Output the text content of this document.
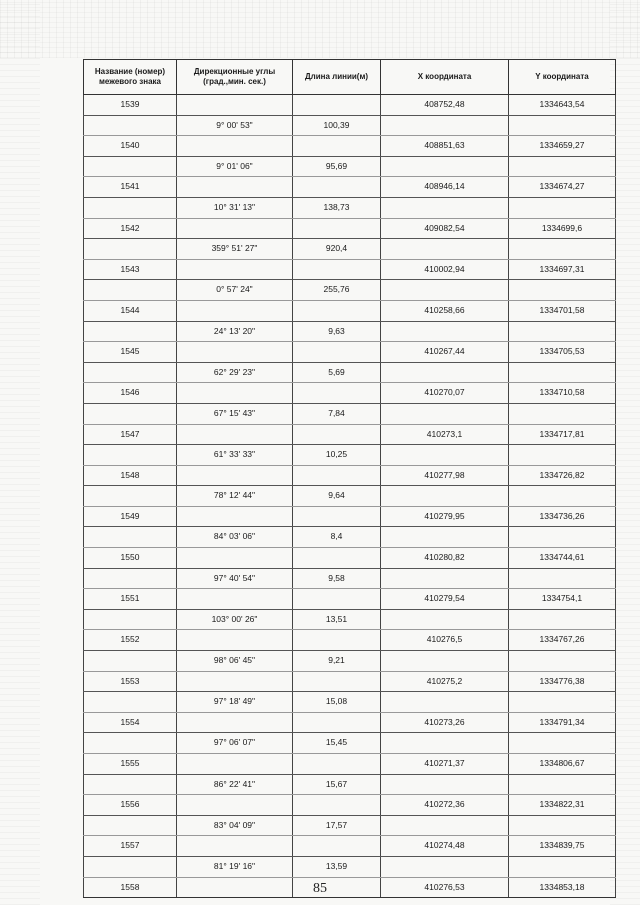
Название (номер) межевого знака	Дирекционные углы (град.,мин. сек.)	Длина линии(м)	X координата	Y координата
1539			408752,48	1334643,54
	9° 00' 53"	100,39		
1540			408851,63	1334659,27
	9° 01' 06"	95,69		
1541			408946,14	1334674,27
	10° 31' 13"	138,73		
1542			409082,54	1334699,6
	359° 51' 27"	920,4		
1543			410002,94	1334697,31
	0° 57' 24"	255,76		
1544			410258,66	1334701,58
	24° 13' 20"	9,63		
1545			410267,44	1334705,53
	62° 29' 23"	5,69		
1546			410270,07	1334710,58
	67° 15' 43"	7,84		
1547			410273,1	1334717,81
	61° 33' 33"	10,25		
1548			410277,98	1334726,82
	78° 12' 44"	9,64		
1549			410279,95	1334736,26
	84° 03' 06"	8,4		
1550			410280,82	1334744,61
	97° 40' 54"	9,58		
1551			410279,54	1334754,1
	103° 00' 26"	13,51		
1552			410276,5	1334767,26
	98° 06' 45"	9,21		
1553			410275,2	1334776,38
	97° 18' 49"	15,08		
1554			410273,26	1334791,34
	97° 06' 07"	15,45		
1555			410271,37	1334806,67
	86° 22' 41"	15,67		
1556			410272,36	1334822,31
	83° 04' 09"	17,57		
1557			410274,48	1334839,75
	81° 19' 16"	13,59		
1558			410276,53	1334853,18
85
